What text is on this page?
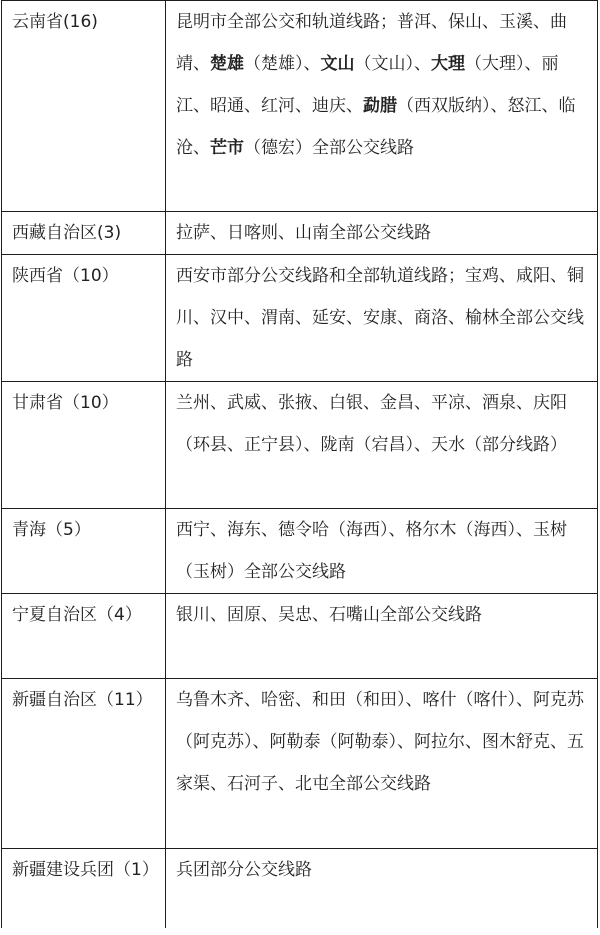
云南省(16)	昆明市全部公交和轨道线路；普洱、保山、玉溪、曲靖、楚雄（楚雄）、文山（文山）、大理（大理）、丽江、昭通、红河、迪庆、勐腊（西双版纳）、怒江、临沧、芒市（德宏）全部公交线路
西藏自治区(3)	拉萨、日喀则、山南全部公交线路
陕西省（10）	西安市部分公交线路和全部轨道线路；宝鸡、咸阳、铜川、汉中、渭南、延安、安康、商洛、榆林全部公交线路
甘肃省（10）	兰州、武威、张掖、白银、金昌、平凉、酒泉、庆阳（环县、正宁县）、陇南（宕昌）、天水（部分线路）
青海（5）	西宁、海东、德令哈（海西）、格尔木（海西）、玉树（玉树）全部公交线路
宁夏自治区（4）	银川、固原、吴忠、石嘴山全部公交线路
新疆自治区（11）	乌鲁木齐、哈密、和田（和田）、喀什（喀什）、阿克苏（阿克苏）、阿勒泰（阿勒泰）、阿拉尔、图木舒克、五家渠、石河子、北屯全部公交线路
新疆建设兵团（1）	兵团部分公交线路
